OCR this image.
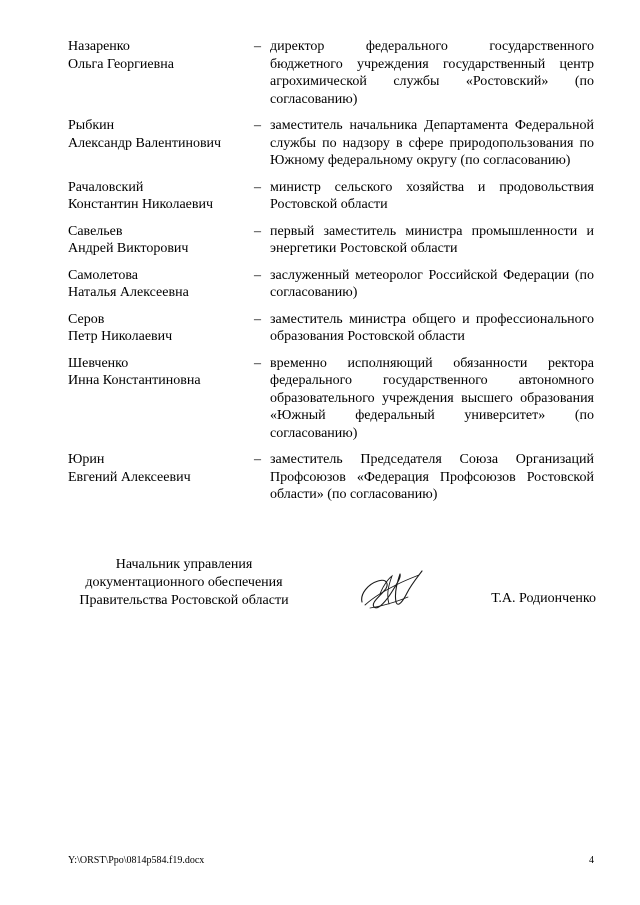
Назаренко
Ольга Георгиевна
– директор федерального государственного бюджетного учреждения государственный центр агрохимической службы «Ростовский» (по согласованию)
Рыбкин
Александр Валентинович
– заместитель начальника Департамента Федеральной службы по надзору в сфере природопользования по Южному федеральному округу (по согласованию)
Рачаловский
Константин Николаевич
– министр сельского хозяйства и продовольствия Ростовской области
Савельев
Андрей Викторович
– первый заместитель министра промышленности и энергетики Ростовской области
Самолетова
Наталья Алексеевна
– заслуженный метеоролог Российской Федерации (по согласованию)
Серов
Петр Николаевич
– заместитель министра общего и профессионального образования Ростовской области
Шевченко
Инна Константиновна
– временно исполняющий обязанности ректора федерального государственного автономного образовательного учреждения высшего образования «Южный федеральный университет» (по согласованию)
Юрин
Евгений Алексеевич
– заместитель Председателя Союза Организаций Профсоюзов «Федерация Профсоюзов Ростовской области» (по согласованию)
Начальник управления
документационного обеспечения
Правительства Ростовской области	Т.А. Родионченко
Y:\ORST\Ppo\0814p584.f19.docx	4
